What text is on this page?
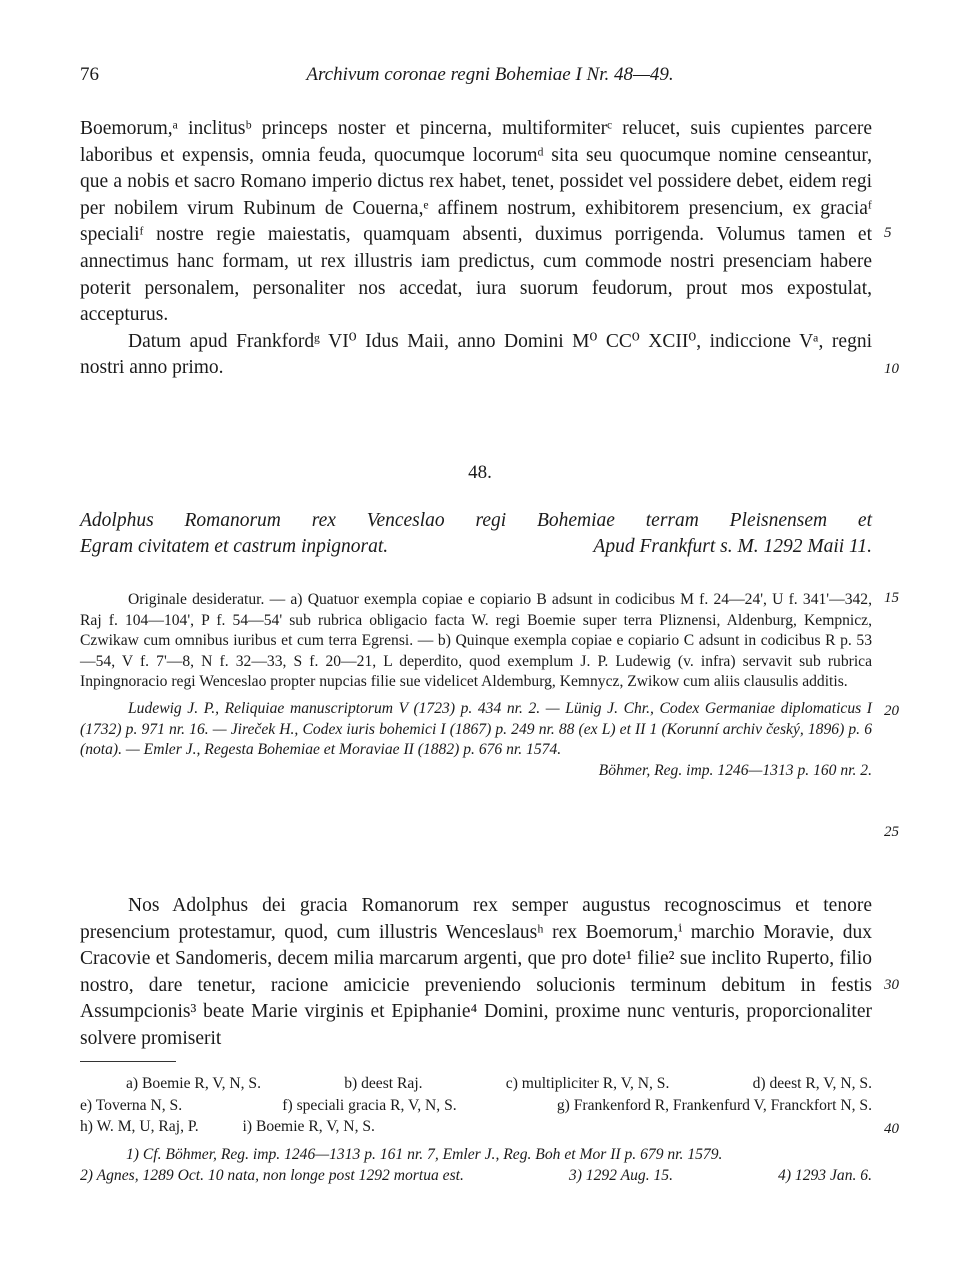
76	Archivum coronae regni Bohemiae I Nr. 48—49.
Boemorum,ᵃ inclitusᵇ princeps noster et pincerna, multiformiterᶜ relucet, suis cupientes parcere laboribus et expensis, omnia feuda, quocumque locorumᵈ sita seu quocumque nomine censeantur, que a nobis et sacro Romano imperio dictus rex habet, tenet, possidet vel possidere debet, eidem regi per nobilem virum Rubinum de Couerna,ᵉ affinem nostrum, exhibitorem presencium, ex graciaᶠ specialiᶠ nostre regie maiestatis, quamquam absenti, duximus porrigenda. Volumus tamen et annectimus hanc formam, ut rex illustris iam predictus, cum commode nostri presenciam habere poterit personalem, personaliter nos accedat, iura suorum feudorum, prout mos expostulat, accepturus.
Datum apud Frankfordᵍ VI⁰ Idus Maii, anno Domini M⁰ CC⁰ XCII⁰, indiccione Vᵃ, regni nostri anno primo.
48.
Adolphus Romanorum rex Venceslao regi Bohemiae terram Pleisnensem et
Egram civitatem et castrum inpignorat.	Apud Frankfurt s. M. 1292 Maii 11.
Originale desideratur. — a) Quatuor exempla copiae e copiario B adsunt in codicibus M f. 24—24', U f. 341'—342, Raj f. 104—104', P f. 54—54' sub rubrica obligacio facta W. regi Boemie super terra Pliznensi, Aldenburg, Kempnicz, Czwikaw cum omnibus iuribus et cum terra Egrensi. — b) Quinque exempla copiae e copiario C adsunt in codicibus R p. 53—54, V f. 7'—8, N f. 32—33, S f. 20—21, L deperdito, quod exemplum J. P. Ludewig (v. infra) servavit sub rubrica Inpingnoracio regi Wenceslao propter nupcias filie sue videlicet Aldemburg, Kemnycz, Zwikow cum aliis clausulis additis.
Ludewig J. P., Reliquiae manuscriptorum V (1723) p. 434 nr. 2. — Lünig J. Chr., Codex Germaniae diplomaticus I (1732) p. 971 nr. 16. — Jireček H., Codex iuris bohemici I (1867) p. 249 nr. 88 (ex L) et II 1 (Korunní archiv český, 1896) p. 6 (nota). — Emler J., Regesta Bohemiae et Moraviae II (1882) p. 676 nr. 1574.
Böhmer, Reg. imp. 1246—1313 p. 160 nr. 2.
Nos Adolphus dei gracia Romanorum rex semper augustus recognoscimus et tenore presencium protestamur, quod, cum illustris Wenceslausʰ rex Boemorum,ⁱ marchio Moravie, dux Cracovie et Sandomeris, decem milia marcarum argenti, que pro dote¹ filie² sue inclito Ruperto, filio nostro, dare tenetur, racione amicicie preveniendo solucionis terminum debitum in festis Assumpcionis³ beate Marie virginis et Epiphanie⁴ Domini, proxime nunc venturis, proporcionaliter solvere promiserit
a) Boemie R, V, N, S.	b) deest Raj.	c) multipliciter R, V, N, S.	d) deest R, V, N, S.
e) Toverna N, S.	f) speciali gracia R, V, N, S.	g) Frankenford R, Frankenfurd V, Franckfort N, S.
h) W. M, U, Raj, P.	i) Boemie R, V, N, S.
1) Cf. Böhmer, Reg. imp. 1246—1313 p. 161 nr. 7, Emler J., Reg. Boh et Mor II p. 679 nr. 1579.
2) Agnes, 1289 Oct. 10 nata, non longe post 1292 mortua est.	3) 1292 Aug. 15.	4) 1293 Jan. 6.
5
10
15
20
25
30
40
